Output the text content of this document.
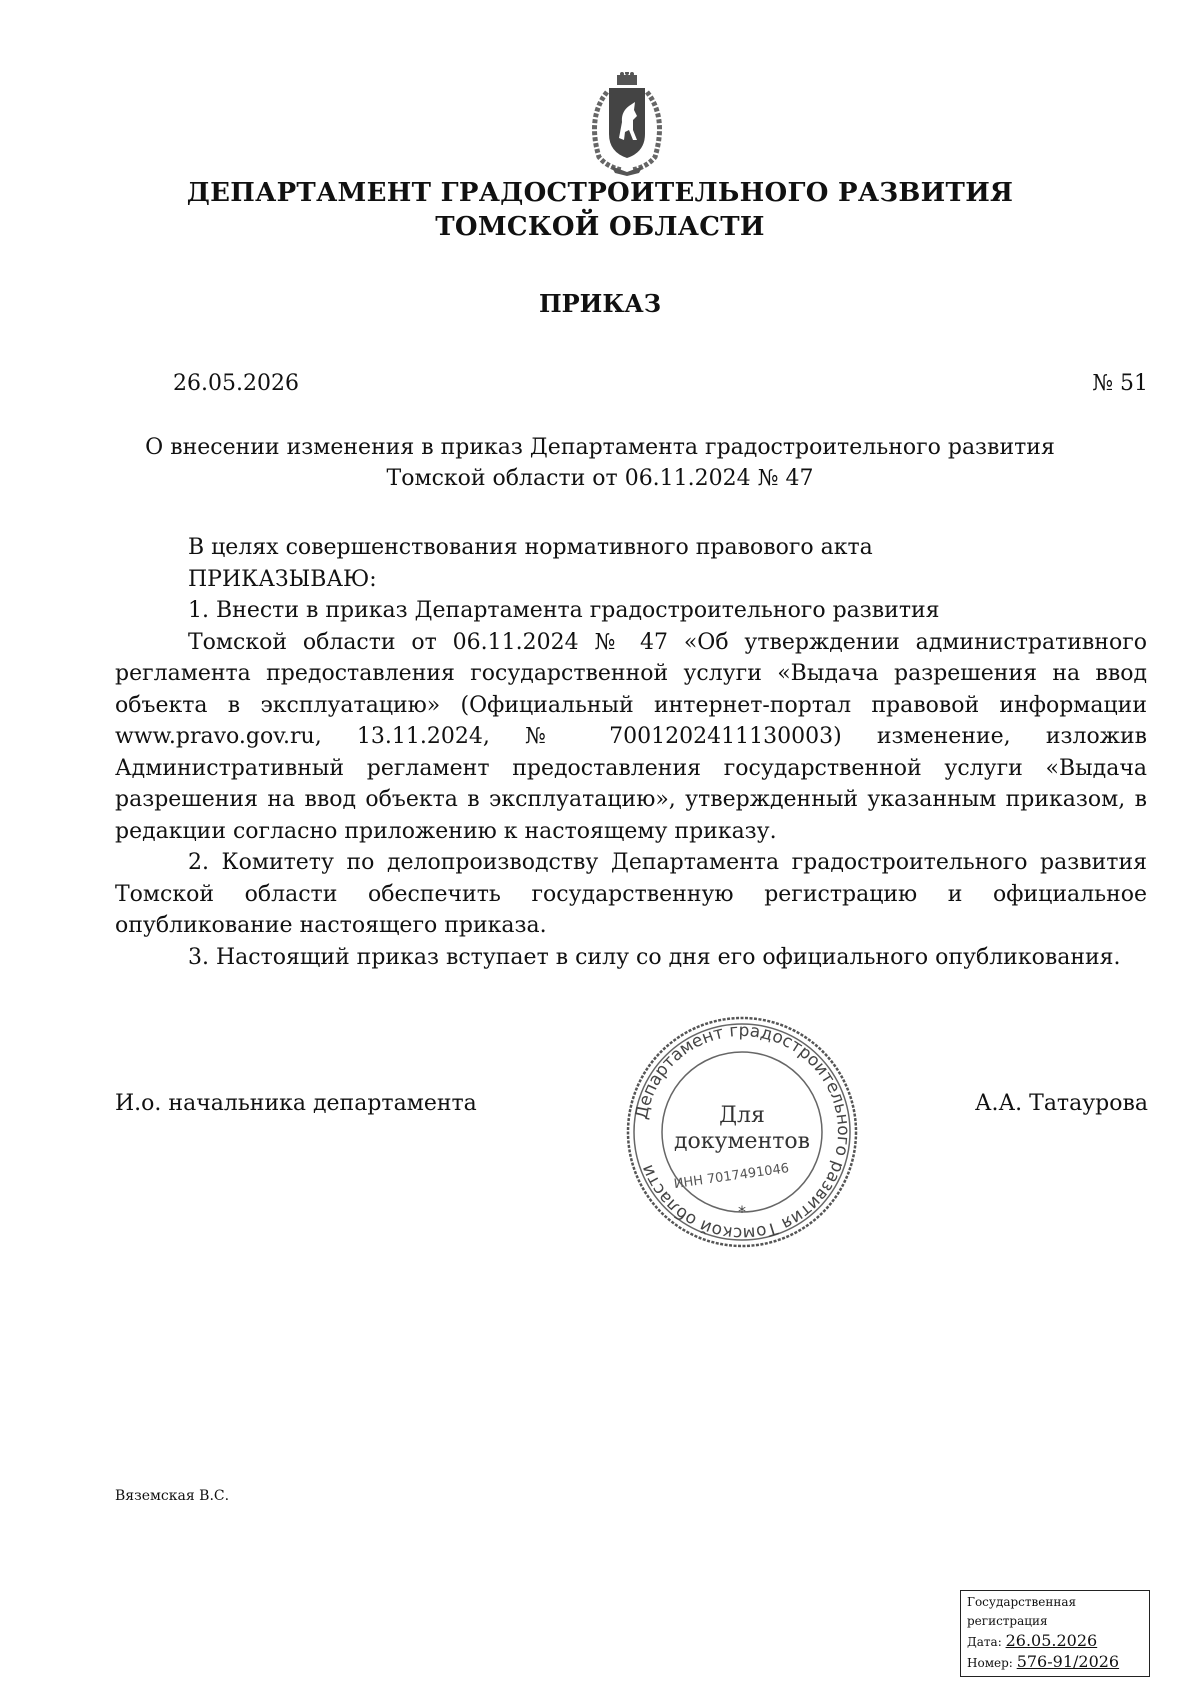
ДЕПАРТАМЕНТ ГРАДОСТРОИТЕЛЬНОГО РАЗВИТИЯ
ТОМСКОЙ ОБЛАСТИ
ПРИКАЗ
26.05.2026	№ 51
О внесении изменения в приказ Департамента градостроительного развития
Томской области от 06.11.2024 № 47

В целях совершенствования нормативного правового акта

ПРИКАЗЫВАЮ:

1. Внести в приказ Департамента градостроительного развития

Томской области от 06.11.2024 № 47 «Об утверждении административного регламента предоставления государственной услуги «Выдача разрешения на ввод объекта в эксплуатацию» (Официальный интернет-портал правовой информации www.pravo.gov.ru, 13.11.2024, № 7001202411130003) изменение, изложив Административный регламент предоставления государственной услуги «Выдача разрешения на ввод объекта в эксплуатацию», утвержденный указанным приказом, в редакции согласно приложению к настоящему приказу.

2. Комитету по делопроизводству Департамента градостроительного развития Томской области обеспечить государственную регистрацию и официальное опубликование настоящего приказа.

3. Настоящий приказ вступает в силу со дня его официального опубликования.

И.о. начальника департамента	А.А. Татаурова
Департамент градостроительного развития Томской области
Для
документов
ИНН 7017491046
*
Вяземская В.С.
Государственная регистрация
Дата: 26.05.2026
Номер: 576-91/2026
